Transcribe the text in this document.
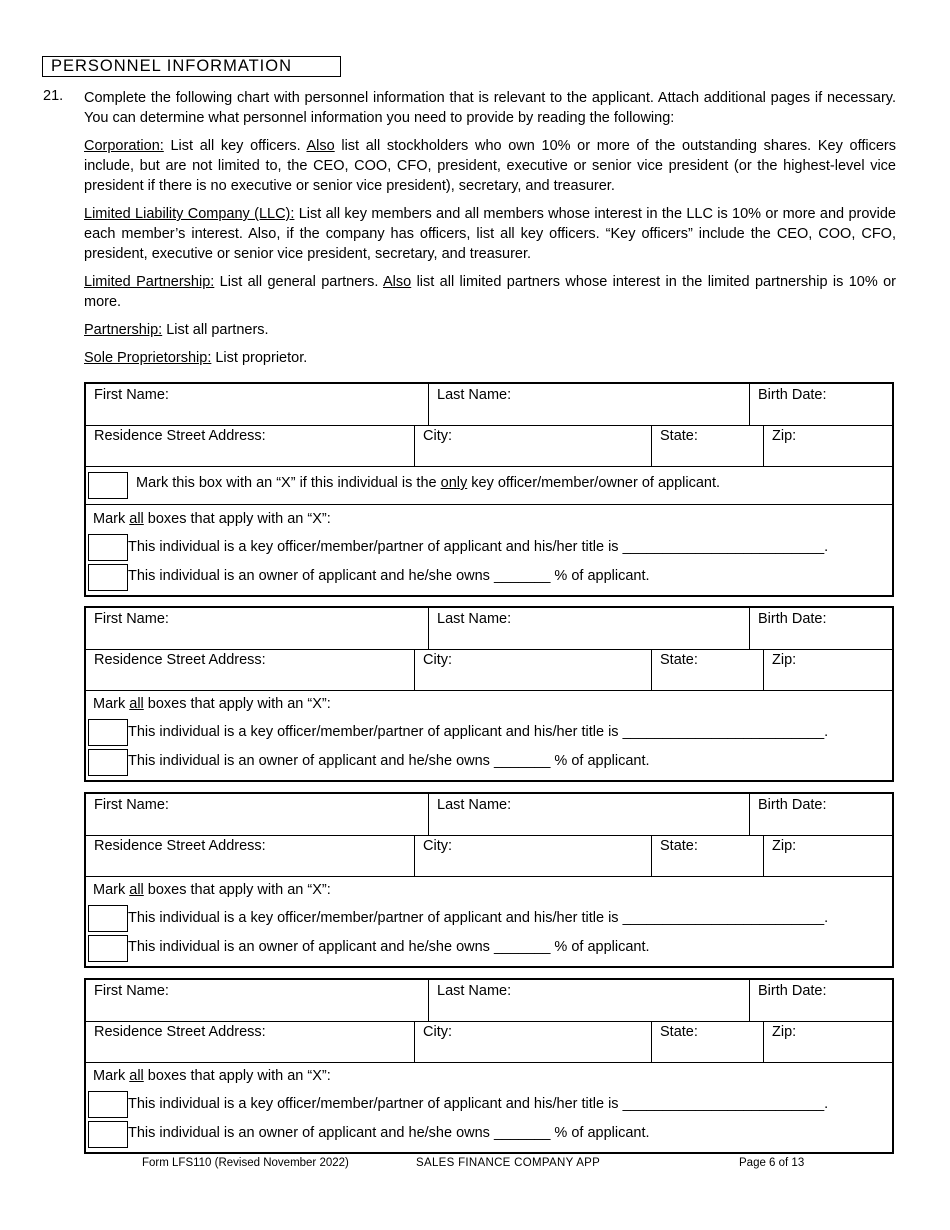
PERSONNEL INFORMATION
21. Complete the following chart with personnel information that is relevant to the applicant. Attach additional pages if necessary. You can determine what personnel information you need to provide by reading the following:
Corporation: List all key officers. Also list all stockholders who own 10% or more of the outstanding shares. Key officers include, but are not limited to, the CEO, COO, CFO, president, executive or senior vice president (or the highest-level vice president if there is no executive or senior vice president), secretary, and treasurer.
Limited Liability Company (LLC): List all key members and all members whose interest in the LLC is 10% or more and provide each member’s interest. Also, if the company has officers, list all key officers. “Key officers” include the CEO, COO, CFO, president, executive or senior vice president, secretary, and treasurer.
Limited Partnership: List all general partners. Also list all limited partners whose interest in the limited partnership is 10% or more.
Partnership: List all partners.
Sole Proprietorship: List proprietor.
First Name:	Last Name:	Birth Date:
Residence Street Address:	City:	State:	Zip:
Mark this box with an “X” if this individual is the only key officer/member/owner of applicant.
Mark all boxes that apply with an “X”:
This individual is a key officer/member/partner of applicant and his/her title is _________________________.
This individual is an owner of applicant and he/she owns _______ % of applicant.
First Name:	Last Name:	Birth Date:
Residence Street Address:	City:	State:	Zip:
Mark all boxes that apply with an “X”:
This individual is a key officer/member/partner of applicant and his/her title is _________________________.
This individual is an owner of applicant and he/she owns _______ % of applicant.
First Name:	Last Name:	Birth Date:
Residence Street Address:	City:	State:	Zip:
Mark all boxes that apply with an “X”:
This individual is a key officer/member/partner of applicant and his/her title is _________________________.
This individual is an owner of applicant and he/she owns _______ % of applicant.
First Name:	Last Name:	Birth Date:
Residence Street Address:	City:	State:	Zip:
Mark all boxes that apply with an “X”:
This individual is a key officer/member/partner of applicant and his/her title is _________________________.
This individual is an owner of applicant and he/she owns _______ % of applicant.
Form LFS110 (Revised November 2022)	SALES FINANCE COMPANY APP	Page 6 of 13
